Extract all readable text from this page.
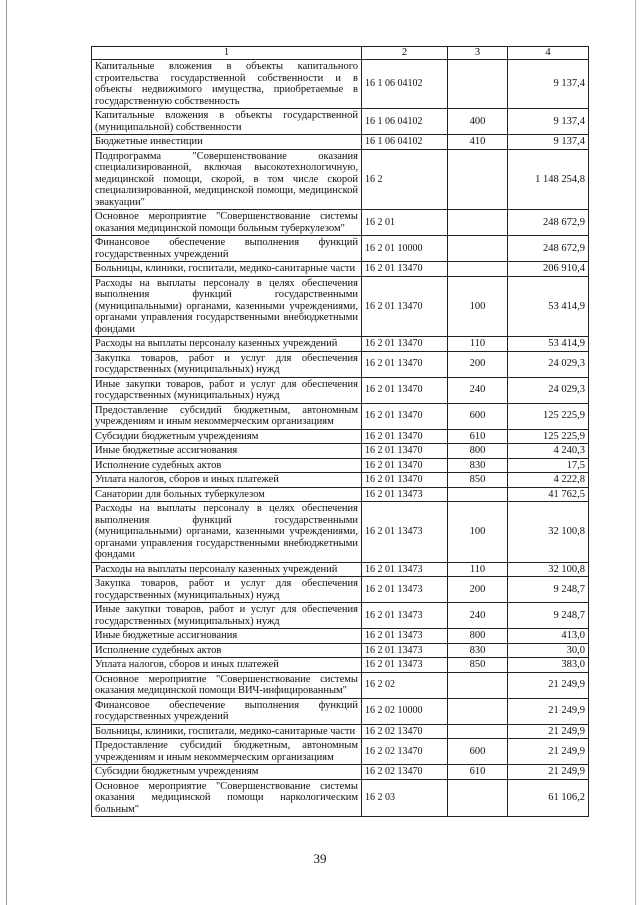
1	2	3	4
Капитальные вложения в объекты капитального строительства государственной собственности и в объекты недвижимого имущества, приобретаемые в государственную собственность	16 1 06 04102		9 137,4
Капитальные вложения в объекты государственной (муниципальной) собственности	16 1 06 04102	400	9 137,4
Бюджетные инвестиции	16 1 06 04102	410	9 137,4
Подпрограмма "Совершенствование оказания специализированной, включая высокотехнологичную, медицинской помощи, скорой, в том числе скорой специализированной, медицинской помощи, медицинской эвакуации"	16 2		1 148 254,8
Основное мероприятие "Совершенствование системы оказания медицинской помощи больным туберкулезом"	16 2 01		248 672,9
Финансовое обеспечение выполнения функций государственных учреждений	16 2 01 10000		248 672,9
Больницы, клиники, госпитали, медико-санитарные части	16 2 01 13470		206 910,4
Расходы на выплаты персоналу в целях обеспечения выполнения функций государственными (муниципальными) органами, казенными учреждениями, органами управления государственными внебюджетными фондами	16 2 01 13470	100	53 414,9
Расходы на выплаты персоналу казенных учреждений	16 2 01 13470	110	53 414,9
Закупка товаров, работ и услуг для обеспечения государственных (муниципальных) нужд	16 2 01 13470	200	24 029,3
Иные закупки товаров, работ и услуг для обеспечения государственных (муниципальных) нужд	16 2 01 13470	240	24 029,3
Предоставление субсидий бюджетным, автономным учреждениям и иным некоммерческим организациям	16 2 01 13470	600	125 225,9
Субсидии бюджетным учреждениям	16 2 01 13470	610	125 225,9
Иные бюджетные ассигнования	16 2 01 13470	800	4 240,3
Исполнение судебных актов	16 2 01 13470	830	17,5
Уплата налогов, сборов и иных платежей	16 2 01 13470	850	4 222,8
Санатории для больных туберкулезом	16 2 01 13473		41 762,5
Расходы на выплаты персоналу в целях обеспечения выполнения функций государственными (муниципальными) органами, казенными учреждениями, органами управления государственными внебюджетными фондами	16 2 01 13473	100	32 100,8
Расходы на выплаты персоналу казенных учреждений	16 2 01 13473	110	32 100,8
Закупка товаров, работ и услуг для обеспечения государственных (муниципальных) нужд	16 2 01 13473	200	9 248,7
Иные закупки товаров, работ и услуг для обеспечения государственных (муниципальных) нужд	16 2 01 13473	240	9 248,7
Иные бюджетные ассигнования	16 2 01 13473	800	413,0
Исполнение судебных актов	16 2 01 13473	830	30,0
Уплата налогов, сборов и иных платежей	16 2 01 13473	850	383,0
Основное мероприятие "Совершенствование системы оказания медицинской помощи ВИЧ-инфицированным"	16 2 02		21 249,9
Финансовое обеспечение выполнения функций государственных учреждений	16 2 02 10000		21 249,9
Больницы, клиники, госпитали, медико-санитарные части	16 2 02 13470		21 249,9
Предоставление субсидий бюджетным, автономным учреждениям и иным некоммерческим организациям	16 2 02 13470	600	21 249,9
Субсидии бюджетным учреждениям	16 2 02 13470	610	21 249,9
Основное мероприятие "Совершенствование системы оказания медицинской помощи наркологическим больным"	16 2 03		61 106,2
39
